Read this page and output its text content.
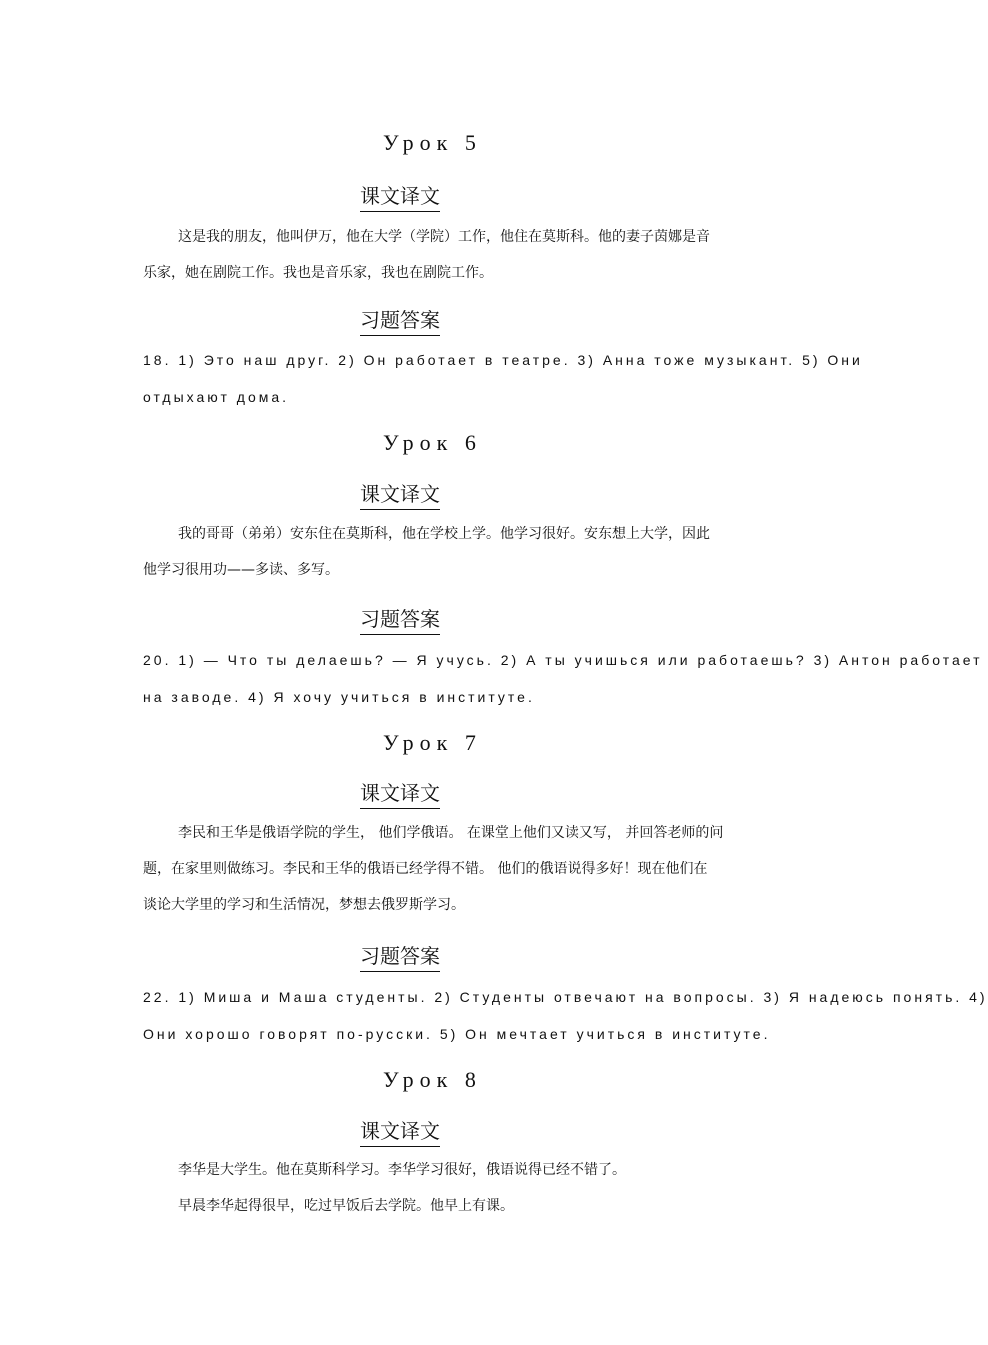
Урок 5
课文译文

这是我的朋友，他叫伊万，他在大学（学院）工作，他住在莫斯科。他的妻子茵娜是音

乐家，她在剧院工作。我也是音乐家，我也在剧院工作。

习题答案

18. 1) Это наш друг. 2) Он работает в театре. 3) Анна тоже музыкант. 5) Они

отдыхают дома.

Урок 6
课文译文

我的哥哥（弟弟）安东住在莫斯科，他在学校上学。他学习很好。安东想上大学，因此

他学习很用功——多读、多写。

习题答案

20. 1) — Что ты делаешь? — Я учусь. 2) А ты учишься или работаешь? 3) Антон работает

на заводе. 4) Я хочу учиться в институте.

Урок 7
课文译文

李民和王华是俄语学院的学生， 他们学俄语。 在课堂上他们又读又写， 并回答老师的问

题，在家里则做练习。李民和王华的俄语已经学得不错。 他们的俄语说得多好！现在他们在

谈论大学里的学习和生活情况，梦想去俄罗斯学习。

习题答案

22. 1) Миша и Маша студенты. 2) Студенты отвечают на вопросы. 3) Я надеюсь понять. 4)

Они хорошо говорят по-русски. 5) Он мечтает учиться в институте.

Урок 8
课文译文

李华是大学生。他在莫斯科学习。李华学习很好，俄语说得已经不错了。

早晨李华起得很早，吃过早饭后去学院。他早上有课。
